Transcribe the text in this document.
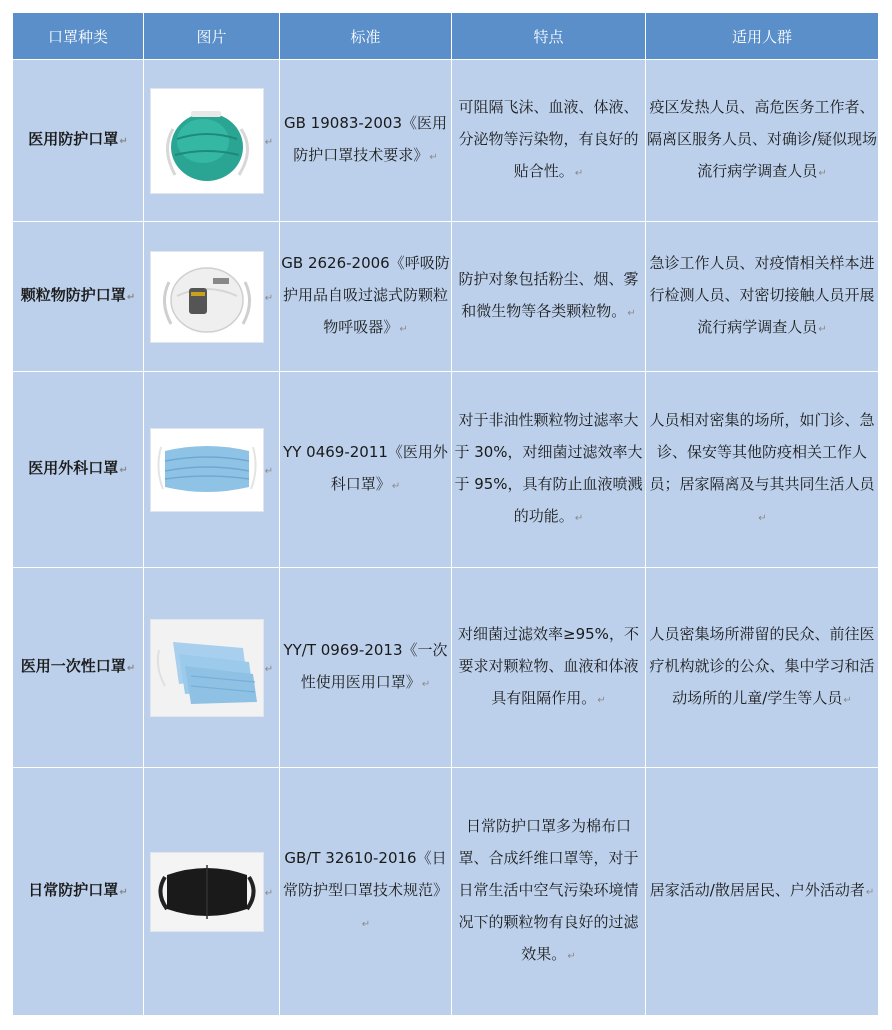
口罩种类	图片	标准	特点	适用人群
医用防护口罩↵	↵	GB 19083-2003《医用防护口罩技术要求》↵	可阻隔飞沫、血液、体液、分泌物等污染物，有良好的贴合性。↵	疫区发热人员、高危医务工作者、隔离区服务人员、对确诊/疑似现场流行病学调查人员↵
颗粒物防护口罩↵	↵	GB 2626-2006《呼吸防护用品自吸过滤式防颗粒物呼吸器》↵	防护对象包括粉尘、烟、雾和微生物等各类颗粒物。↵	急诊工作人员、对疫情相关样本进行检测人员、对密切接触人员开展流行病学调查人员↵
医用外科口罩↵	↵	YY 0469-2011《医用外科口罩》↵	对于非油性颗粒物过滤率大于 30%，对细菌过滤效率大于 95%，具有防止血液喷溅的功能。↵	人员相对密集的场所，如门诊、急诊、保安等其他防疫相关工作人员；居家隔离及与其共同生活人员↵
医用一次性口罩↵	↵	YY/T 0969-2013《一次性使用医用口罩》↵	对细菌过滤效率≥95%，不要求对颗粒物、血液和体液具有阻隔作用。↵	人员密集场所滞留的民众、前往医疗机构就诊的公众、集中学习和活动场所的儿童/学生等人员↵
日常防护口罩↵	↵	GB/T 32610-2016《日常防护型口罩技术规范》↵	日常防护口罩多为棉布口罩、合成纤维口罩等，对于日常生活中空气污染环境情况下的颗粒物有良好的过滤效果。↵	居家活动/散居居民、户外活动者↵
